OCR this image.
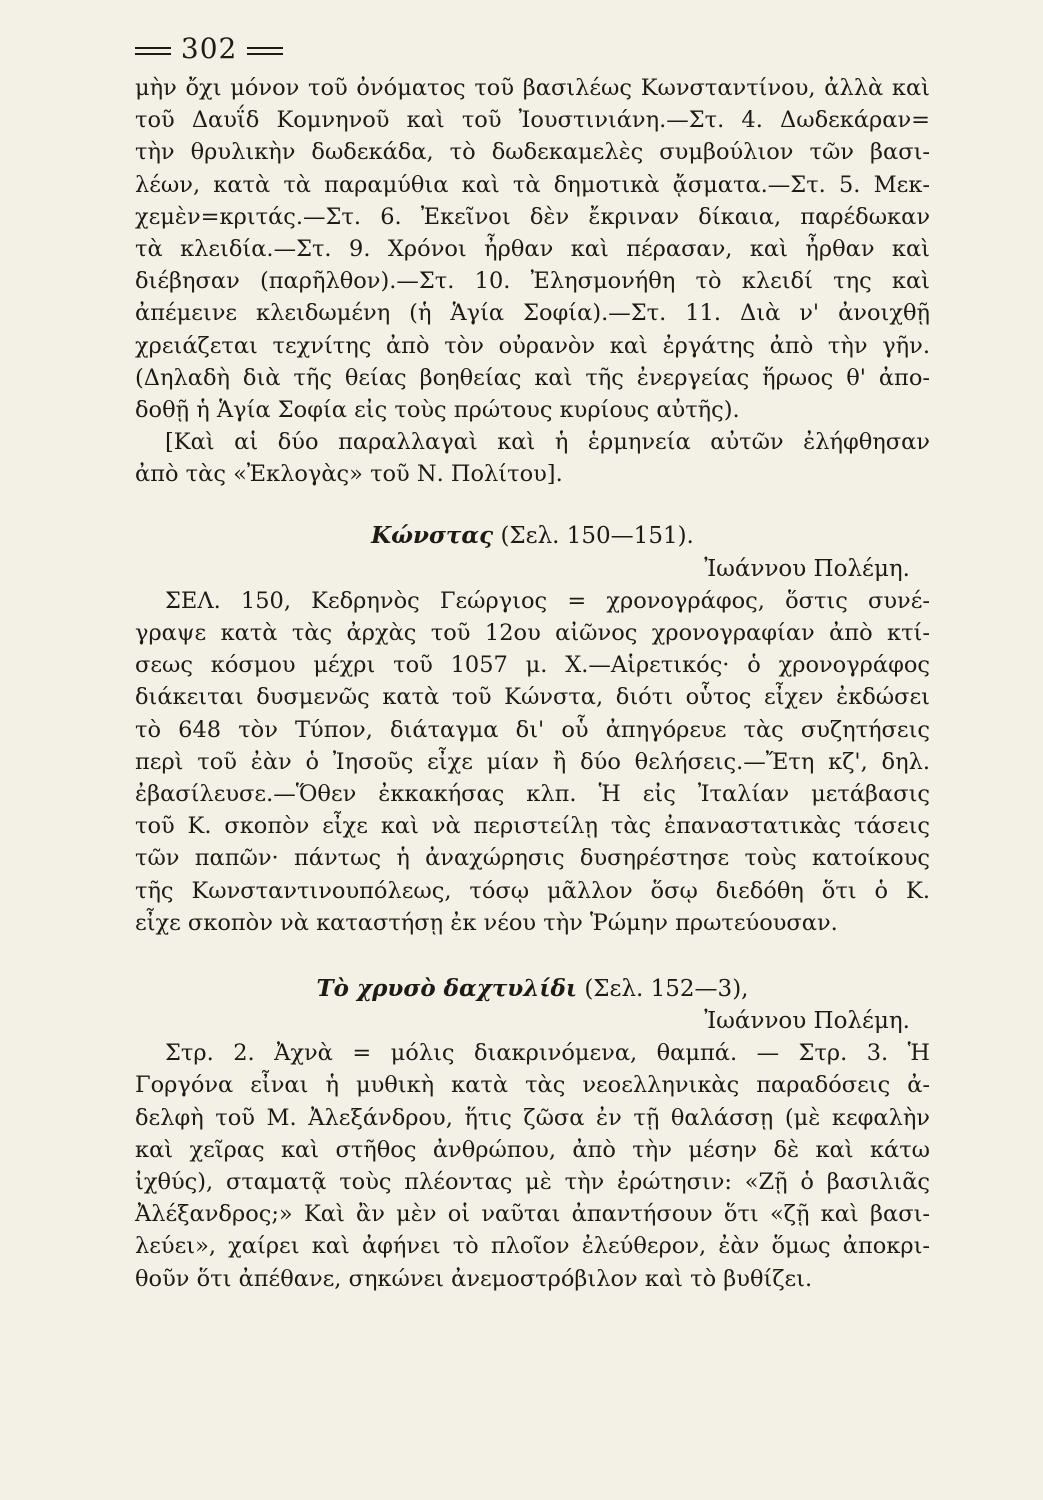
302
μὴν ὄχι μόνον τοῦ ὀνόματος τοῦ βασιλέως Κωνσταντίνου, ἀλλὰ καὶ
τοῦ Δαυΐδ Κομνηνοῦ καὶ τοῦ Ἰουστινιάνη.—Στ. 4. Δωδεκάραν=
τὴν θρυλικὴν δωδεκάδα, τὸ δωδεκαμελὲς συμβούλιον τῶν βασι-
λέων, κατὰ τὰ παραμύθια καὶ τὰ δημοτικὰ ᾄσματα.—Στ. 5. Μεκ-
χεμὲν=κριτάς.—Στ. 6. Ἐκεῖνοι δὲν ἔκριναν δίκαια, παρέδωκαν
τὰ κλειδία.—Στ. 9. Χρόνοι ἦρθαν καὶ πέρασαν, καὶ ἦρθαν καὶ
διέβησαν (παρῆλθον).—Στ. 10. Ἐλησμονήθη τὸ κλειδί της καὶ
ἀπέμεινε κλειδωμένη (ἡ Ἁγία Σοφία).—Στ. 11. Διὰ ν' ἀνοιχθῇ
χρειάζεται τεχνίτης ἀπὸ τὸν οὐρανὸν καὶ ἐργάτης ἀπὸ τὴν γῆν.
(Δηλαδὴ διὰ τῆς θείας βοηθείας καὶ τῆς ἐνεργείας ἥρωος θ' ἀπο-
δοθῇ ἡ Ἁγία Σοφία εἰς τοὺς πρώτους κυρίους αὐτῆς).
[Καὶ αἱ δύο παραλλαγαὶ καὶ ἡ ἑρμηνεία αὐτῶν ἐλήφθησαν
ἀπὸ τὰς «Ἐκλογὰς» τοῦ Ν. Πολίτου].
Κώνστας (Σελ. 150—151).
Ἰωάννου Πολέμη.
ΣΕΛ. 150, Κεδρηνὸς Γεώργιος = χρονογράφος, ὅστις συνέ-
γραψε κατὰ τὰς ἀρχὰς τοῦ 12ου αἰῶνος χρονογραφίαν ἀπὸ κτί-
σεως κόσμου μέχρι τοῦ 1057 μ. Χ.—Αἱρετικός· ὁ χρονογράφος
διάκειται δυσμενῶς κατὰ τοῦ Κώνστα, διότι οὗτος εἶχεν ἐκδώσει
τὸ 648 τὸν Τύπον, διάταγμα δι' οὗ ἀπηγόρευε τὰς συζητήσεις
περὶ τοῦ ἐὰν ὁ Ἰησοῦς εἶχε μίαν ἢ δύο θελήσεις.—Ἔτη κζ', δηλ.
ἐβασίλευσε.—Ὅθεν ἐκκακήσας κλπ. Ἡ εἰς Ἰταλίαν μετάβασις
τοῦ Κ. σκοπὸν εἶχε καὶ νὰ περιστείλῃ τὰς ἐπαναστατικὰς τάσεις
τῶν παπῶν· πάντως ἡ ἀναχώρησις δυσηρέστησε τοὺς κατοίκους
τῆς Κωνσταντινουπόλεως, τόσῳ μᾶλλον ὅσῳ διεδόθη ὅτι ὁ Κ.
εἶχε σκοπὸν νὰ καταστήσῃ ἐκ νέου τὴν Ῥώμην πρωτεύουσαν.
Τὸ χρυσὸ δαχτυλίδι (Σελ. 152—3),
Ἰωάννου Πολέμη.
Στρ. 2. Ἀχνὰ = μόλις διακρινόμενα, θαμπά. — Στρ. 3. Ἡ
Γοργόνα εἶναι ἡ μυθικὴ κατὰ τὰς νεοελληνικὰς παραδόσεις ἀ-
δελφὴ τοῦ Μ. Ἀλεξάνδρου, ἥτις ζῶσα ἐν τῇ θαλάσσῃ (μὲ κεφαλὴν
καὶ χεῖρας καὶ στῆθος ἀνθρώπου, ἀπὸ τὴν μέσην δὲ καὶ κάτω
ἰχθύς), σταματᾷ τοὺς πλέοντας μὲ τὴν ἐρώτησιν: «Ζῇ ὁ βασιλιᾶς
Ἀλέξανδρος;» Καὶ ἂν μὲν οἱ ναῦται ἀπαντήσουν ὅτι «ζῇ καὶ βασι-
λεύει», χαίρει καὶ ἀφήνει τὸ πλοῖον ἐλεύθερον, ἐὰν ὅμως ἀποκρι-
θοῦν ὅτι ἀπέθανε, σηκώνει ἀνεμοστρόβιλον καὶ τὸ βυθίζει.
